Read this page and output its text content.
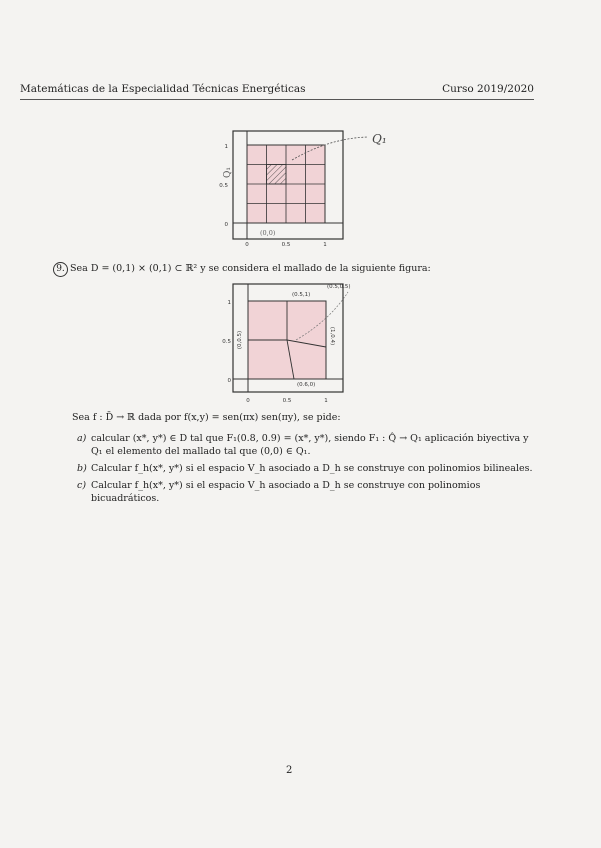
Matemáticas de la Especialidad Técnicas Energéticas	Curso 2019/2020
0
0.5
1
0	0.5	1
Q₁
Q₁
(0,0)
9. Sea D = (0,1) × (0,1) ⊂ ℝ² y se considera el mallado de la siguiente figura:
0
0.5
1
0	0.5	1
(0.5,1)
(0.5,0.5)
(0,0.5)	(1,0.4)
(0.6,0)
Sea f : D̄ → ℝ dada por f(x,y) = sen(πx) sen(πy), se pide:
a) calcular (x*, y*) ∈ D tal que F₁(0.8, 0.9) = (x*, y*), siendo F₁ : Q̂ → Q₁ aplicación biyectiva y Q₁ el elemento del mallado tal que (0,0) ∈ Q₁.
b) Calcular f_h(x*, y*) si el espacio V_h asociado a D_h se construye con polinomios bilineales.
c) Calcular f_h(x*, y*) si el espacio V_h asociado a D_h se construye con polinomios bicuadráticos.
2
